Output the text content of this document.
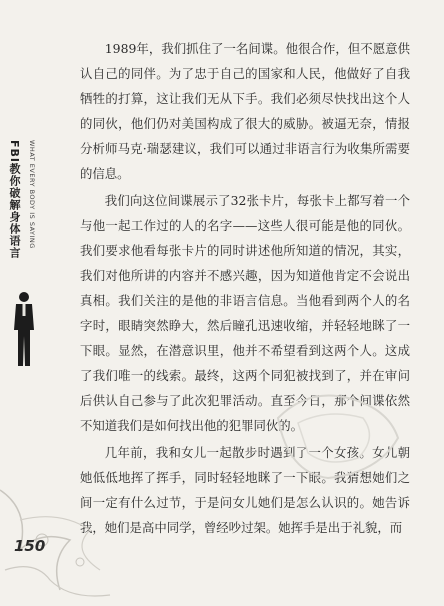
FBI教你破解身体语言	WHAT EVERY BODY IS SAYING

1989年，我们抓住了一名间谍。他很合作，但不愿意供认自己的同伴。为了忠于自己的国家和人民，他做好了自我牺牲的打算，这让我们无从下手。我们必须尽快找出这个人的同伙，他们仍对美国构成了很大的威胁。被逼无奈，情报分析师马克·瑞瑟建议，我们可以通过非语言行为收集所需要的信息。

我们向这位间谍展示了32张卡片，每张卡上都写着一个与他一起工作过的人的名字——这些人很可能是他的同伙。我们要求他看每张卡片的同时讲述他所知道的情况，其实，我们对他所讲的内容并不感兴趣，因为知道他肯定不会说出真相。我们关注的是他的非语言信息。当他看到两个人的名字时，眼睛突然睁大，然后瞳孔迅速收缩，并轻轻地眯了一下眼。显然，在潜意识里，他并不希望看到这两个人。这成了我们唯一的线索。最终，这两个同犯被找到了，并在审问后供认自己参与了此次犯罪活动。直至今日，那个间谍依然不知道我们是如何找出他的犯罪同伙的。

几年前，我和女儿一起散步时遇到了一个女孩。女儿朝她低低地挥了挥手，同时轻轻地眯了一下眼。我猜想她们之间一定有什么过节，于是问女儿她们是怎么认识的。她告诉我，她们是高中同学，曾经吵过架。她挥手是出于礼貌，而

150
